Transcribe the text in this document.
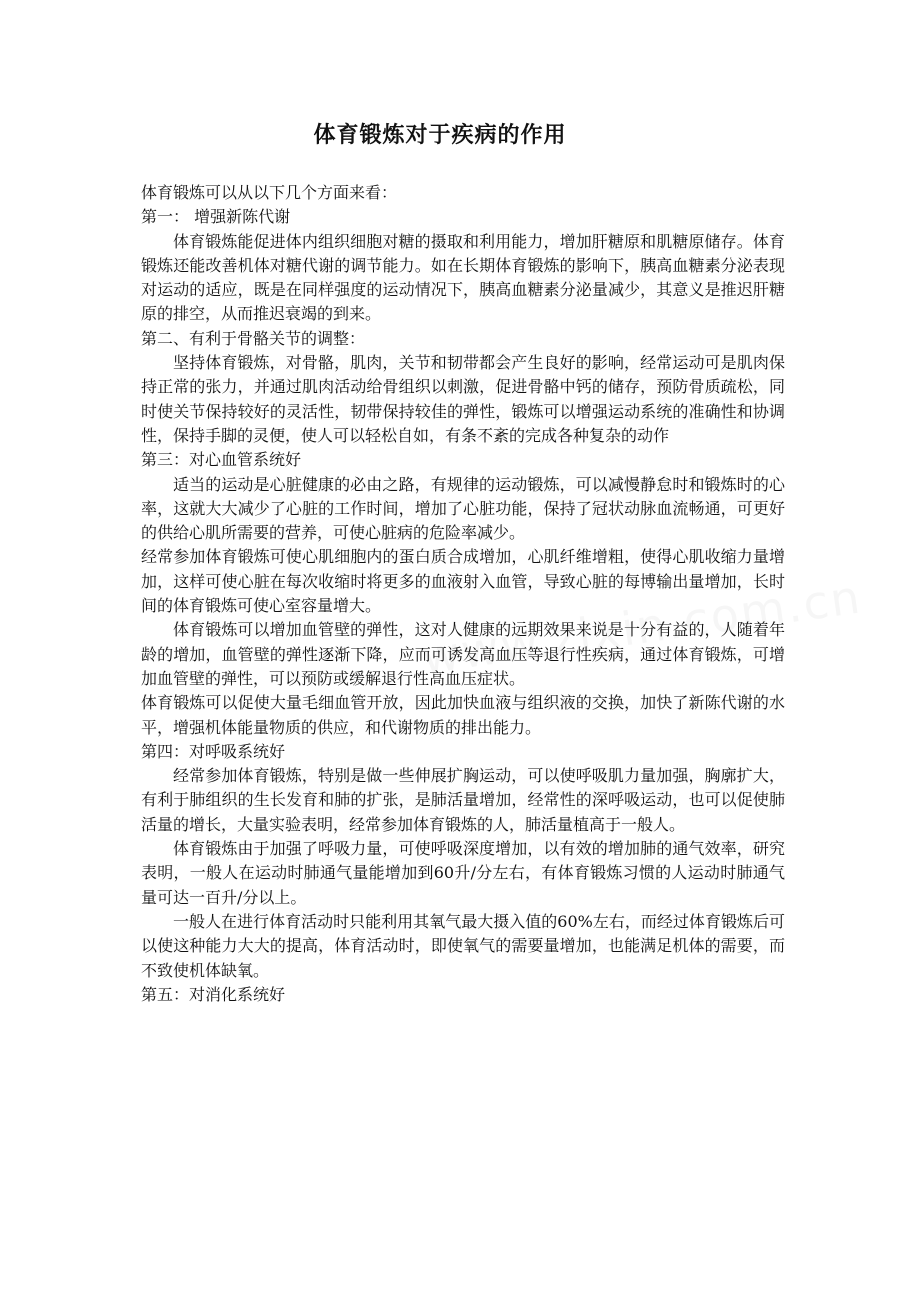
体育锻炼对于疾病的作用

体育锻炼可以从以下几个方面来看：

第一： 增强新陈代谢

体育锻炼能促进体内组织细胞对糖的摄取和利用能力，增加肝糖原和肌糖原储存。体育锻炼还能改善机体对糖代谢的调节能力。如在长期体育锻炼的影响下，胰高血糖素分泌表现对运动的适应，既是在同样强度的运动情况下，胰高血糖素分泌量减少，其意义是推迟肝糖原的排空，从而推迟衰竭的到来。

第二、有利于骨骼关节的调整：

坚持体育锻炼，对骨骼，肌肉，关节和韧带都会产生良好的影响，经常运动可是肌肉保持正常的张力，并通过肌肉活动给骨组织以刺激，促进骨骼中钙的储存，预防骨质疏松，同时使关节保持较好的灵活性，韧带保持较佳的弹性，锻炼可以增强运动系统的准确性和协调性，保持手脚的灵便，使人可以轻松自如，有条不紊的完成各种复杂的动作

第三：对心血管系统好

适当的运动是心脏健康的必由之路，有规律的运动锻炼，可以减慢静怠时和锻炼时的心率，这就大大减少了心脏的工作时间，增加了心脏功能，保持了冠状动脉血流畅通，可更好的供给心肌所需要的营养，可使心脏病的危险率减少。

经常参加体育锻炼可使心肌细胞内的蛋白质合成增加，心肌纤维增粗，使得心肌收缩力量增加，这样可使心脏在每次收缩时将更多的血液射入血管，导致心脏的每博输出量增加，长时间的体育锻炼可使心室容量增大。

体育锻炼可以增加血管壁的弹性，这对人健康的远期效果来说是十分有益的，人随着年龄的增加，血管壁的弹性逐渐下降，应而可诱发高血压等退行性疾病，通过体育锻炼，可增加血管壁的弹性，可以预防或缓解退行性高血压症状。

体育锻炼可以促使大量毛细血管开放，因此加快血液与组织液的交换，加快了新陈代谢的水平，增强机体能量物质的供应，和代谢物质的排出能力。

第四：对呼吸系统好

经常参加体育锻炼，特别是做一些伸展扩胸运动，可以使呼吸肌力量加强，胸廓扩大，有利于肺组织的生长发育和肺的扩张，是肺活量增加，经常性的深呼吸运动，也可以促使肺活量的增长，大量实验表明，经常参加体育锻炼的人，肺活量植高于一般人。

体育锻炼由于加强了呼吸力量，可使呼吸深度增加，以有效的增加肺的通气效率，研究表明，一般人在运动时肺通气量能增加到60升/分左右，有体育锻炼习惯的人运动时肺通气量可达一百升/分以上。

一般人在进行体育活动时只能利用其氧气最大摄入值的60%左右，而经过体育锻炼后可以使这种能力大大的提高，体育活动时，即使氧气的需要量增加，也能满足机体的需要，而不致使机体缺氧。

第五：对消化系统好
